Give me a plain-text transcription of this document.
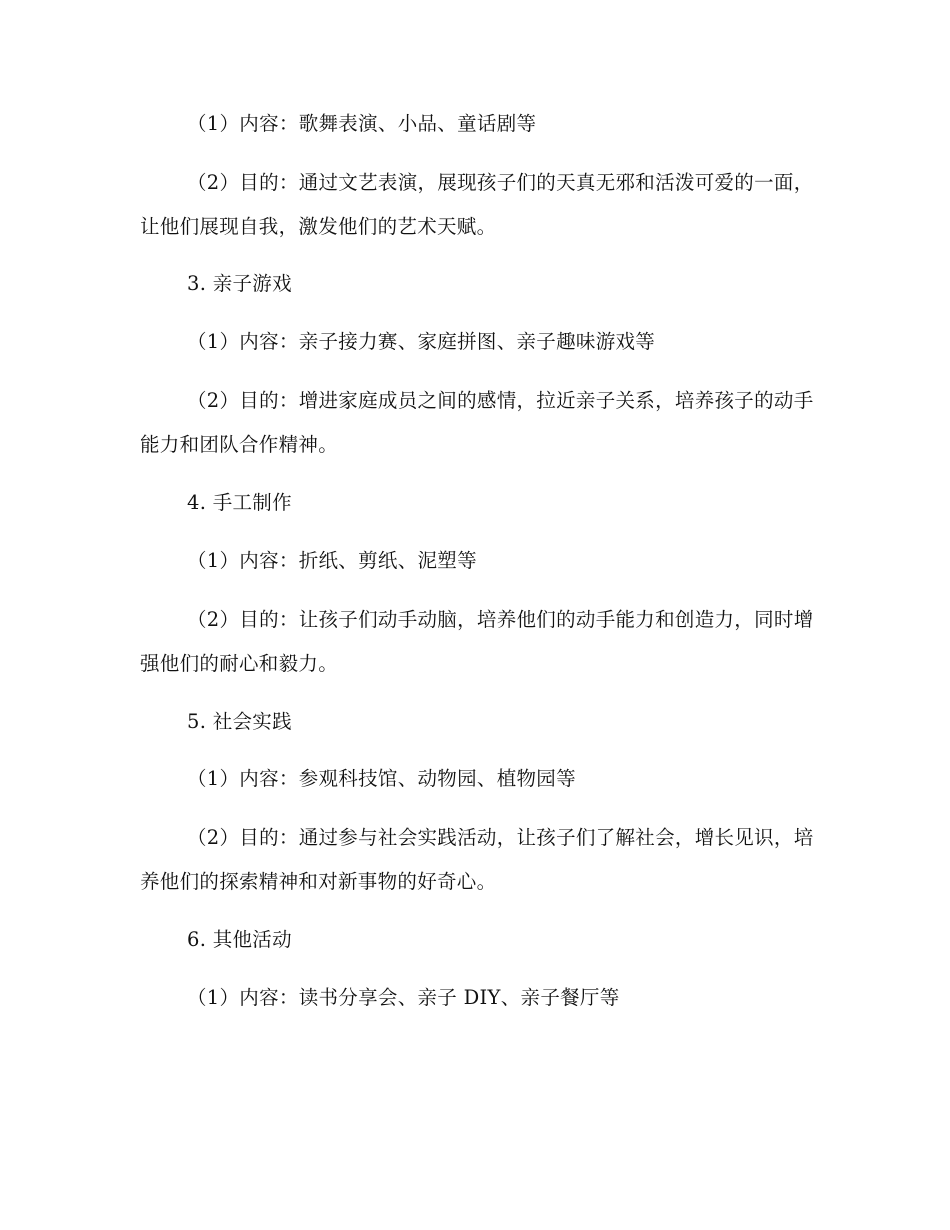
（1）内容：歌舞表演、小品、童话剧等

（2）目的：通过文艺表演，展现孩子们的天真无邪和活泼可爱的一面，让他们展现自我，激发他们的艺术天赋。

3. 亲子游戏

（1）内容：亲子接力赛、家庭拼图、亲子趣味游戏等

（2）目的：增进家庭成员之间的感情，拉近亲子关系，培养孩子的动手能力和团队合作精神。

4. 手工制作

（1）内容：折纸、剪纸、泥塑等

（2）目的：让孩子们动手动脑，培养他们的动手能力和创造力，同时增强他们的耐心和毅力。

5. 社会实践

（1）内容：参观科技馆、动物园、植物园等

（2）目的：通过参与社会实践活动，让孩子们了解社会，增长见识，培养他们的探索精神和对新事物的好奇心。

6. 其他活动

（1）内容：读书分享会、亲子 DIY、亲子餐厅等
